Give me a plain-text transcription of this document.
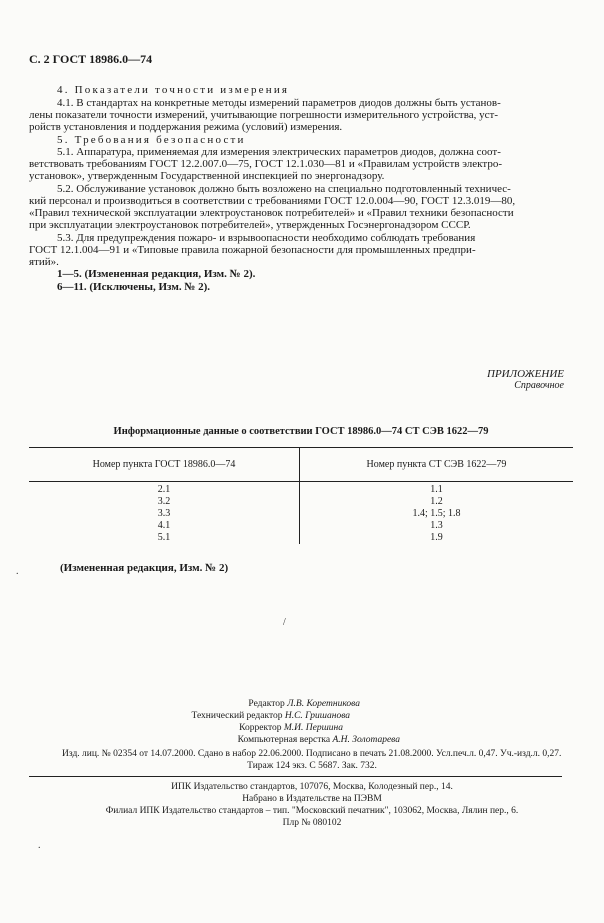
С. 2 ГОСТ 18986.0—74
4. Показатели точности измерения
4.1. В стандартах на конкретные методы измерений параметров диодов должны быть установ-
лены показатели точности измерений, учитывающие погрешности измерительного устройства, уст-
ройств установления и поддержания режима (условий) измерения.
5. Требования безопасности
5.1. Аппаратура, применяемая для измерения электрических параметров диодов, должна соот-
ветствовать требованиям ГОСТ 12.2.007.0—75, ГОСТ 12.1.030—81 и «Правилам устройств электро-
установок», утвержденным Государственной инспекцией по энергонадзору.
5.2. Обслуживание установок должно быть возложено на специально подготовленный техничес-
кий персонал и производиться в соответствии с требованиями ГОСТ 12.0.004—90, ГОСТ 12.3.019—80,
«Правил технической эксплуатации электроустановок потребителей» и «Правил техники безопасности
при эксплуатации электроустановок потребителей», утвержденных Госэнергонадзором СССР.
5.3. Для предупреждения пожаро- и взрывоопасности необходимо соблюдать требования
ГОСТ 12.1.004—91 и «Типовые правила пожарной безопасности для промышленных предпри-
ятий».
1—5. (Измененная редакция, Изм. № 2).
6—11. (Исключены, Изм. № 2).
ПРИЛОЖЕНИЕ
Справочное
Информационные данные о соответствии ГОСТ 18986.0—74 СТ СЭВ 1622—79
Номер пункта ГОСТ 18986.0—74	Номер пункта СТ СЭВ 1622—79
2.1	1.1
3.2	1.2
3.3	1.4; 1.5; 1.8
4.1	1.3
5.1	1.9
.	(Измененная редакция, Изм. № 2)
/
Редактор Л.В. Коретникова
Технический редактор Н.С. Гришанова
Корректор М.И. Першина
Компьютерная верстка А.Н. Золотарева
Изд. лиц. № 02354 от 14.07.2000. Сдано в набор 22.06.2000. Подписано в печать 21.08.2000. Усл.печ.л. 0,47. Уч.-изд.л. 0,27.
Тираж 124 экз. С 5687. Зак. 732.
ИПК Издательство стандартов, 107076, Москва, Колодезный пер., 14.
Набрано в Издательстве на ПЭВМ
Филиал ИПК Издательство стандартов – тип. "Московский печатник", 103062, Москва, Лялин пер., 6.
Плр № 080102
.
